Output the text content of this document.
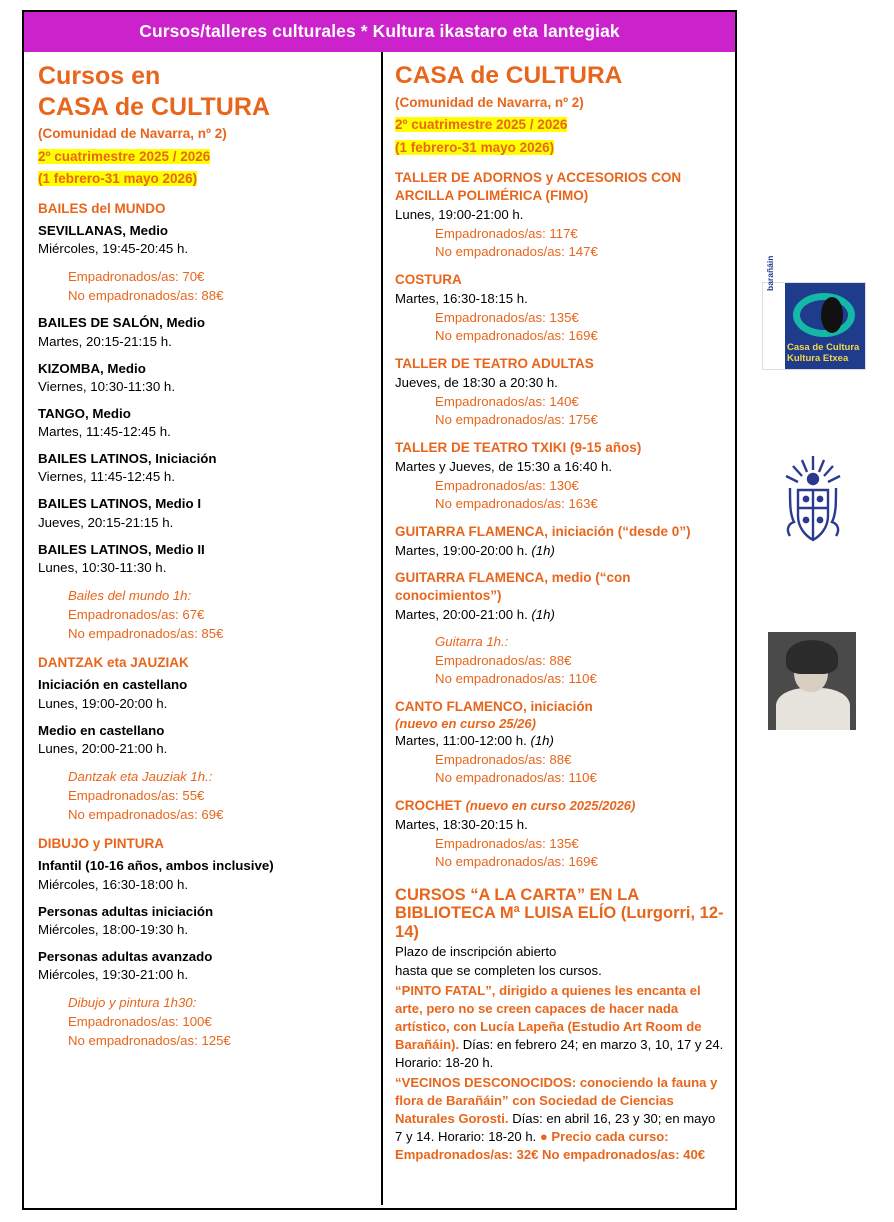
Cursos/talleres culturales * Kultura ikastaro eta lantegiak
Cursos en
CASA de CULTURA
(Comunidad de Navarra, nº 2)
2º cuatrimestre 2025 / 2026
(1 febrero-31 mayo 2026)
BAILES del MUNDO
SEVILLANAS, Medio
Miércoles, 19:45-20:45 h.
Empadronados/as: 70€
No empadronados/as: 88€
BAILES DE SALÓN, Medio
Martes, 20:15-21:15 h.
KIZOMBA, Medio
Viernes, 10:30-11:30 h.
TANGO, Medio
Martes, 11:45-12:45 h.
BAILES LATINOS, Iniciación
Viernes, 11:45-12:45 h.
BAILES LATINOS, Medio I
Jueves, 20:15-21:15 h.
BAILES LATINOS, Medio II
Lunes, 10:30-11:30 h.
Bailes del mundo 1h:
Empadronados/as: 67€
No empadronados/as: 85€
DANTZAK eta JAUZIAK
Iniciación en castellano
Lunes, 19:00-20:00 h.
Medio en castellano
Lunes, 20:00-21:00 h.
Dantzak eta Jauziak 1h.:
Empadronados/as: 55€
No empadronados/as: 69€
DIBUJO y PINTURA
Infantil (10-16 años, ambos inclusive)
Miércoles, 16:30-18:00 h.
Personas adultas iniciación
Miércoles, 18:00-19:30 h.
Personas adultas avanzado
Miércoles, 19:30-21:00 h.
Dibujo y pintura 1h30:
Empadronados/as: 100€
No empadronados/as: 125€
CASA de CULTURA
(Comunidad de Navarra, nº 2)
2º cuatrimestre 2025 / 2026
(1 febrero-31 mayo 2026)
TALLER DE ADORNOS y ACCESORIOS CON ARCILLA POLIMÉRICA (FIMO)
Lunes, 19:00-21:00 h.
Empadronados/as: 117€
No empadronados/as: 147€
COSTURA
Martes, 16:30-18:15 h.
Empadronados/as: 135€
No empadronados/as: 169€
TALLER DE TEATRO ADULTAS
Jueves, de 18:30 a 20:30 h.
Empadronados/as: 140€
No empadronados/as: 175€
TALLER DE TEATRO TXIKI (9-15 años)
Martes y Jueves, de 15:30 a 16:40 h.
Empadronados/as: 130€
No empadronados/as: 163€
GUITARRA FLAMENCA, iniciación (“desde 0”)
Martes, 19:00-20:00 h. (1h)
GUITARRA FLAMENCA, medio (“con conocimientos”)
Martes, 20:00-21:00 h. (1h)
Guitarra 1h.:
Empadronados/as: 88€
No empadronados/as: 110€
CANTO FLAMENCO, iniciación
(nuevo en curso 25/26)
Martes, 11:00-12:00 h. (1h)
Empadronados/as: 88€
No empadronados/as: 110€
CROCHET (nuevo en curso 2025/2026)
Martes, 18:30-20:15 h.
Empadronados/as: 135€
No empadronados/as: 169€
CURSOS “A LA CARTA” EN LA BIBLIOTECA Mª LUISA ELÍO (Lurgorri, 12-14)
Plazo de inscripción abierto
hasta que se completen los cursos.
“PINTO FATAL”, dirigido a quienes les encanta el arte, pero no se creen capaces de hacer nada artístico, con Lucía Lapeña (Estudio Art Room de Barañáin). Días: en febrero 24; en marzo 3, 10, 17 y 24. Horario: 18-20 h.
“VECINOS DESCONOCIDOS: conociendo la fauna y flora de Barañáin” con Sociedad de Ciencias Naturales Gorosti. Días: en abril 16, 23 y 30; en mayo 7 y 14. Horario: 18-20 h. ● Precio cada curso: Empadronados/as: 32€ No empadronados/as: 40€
barañáin
Casa de Cultura
Kultura Etxea
